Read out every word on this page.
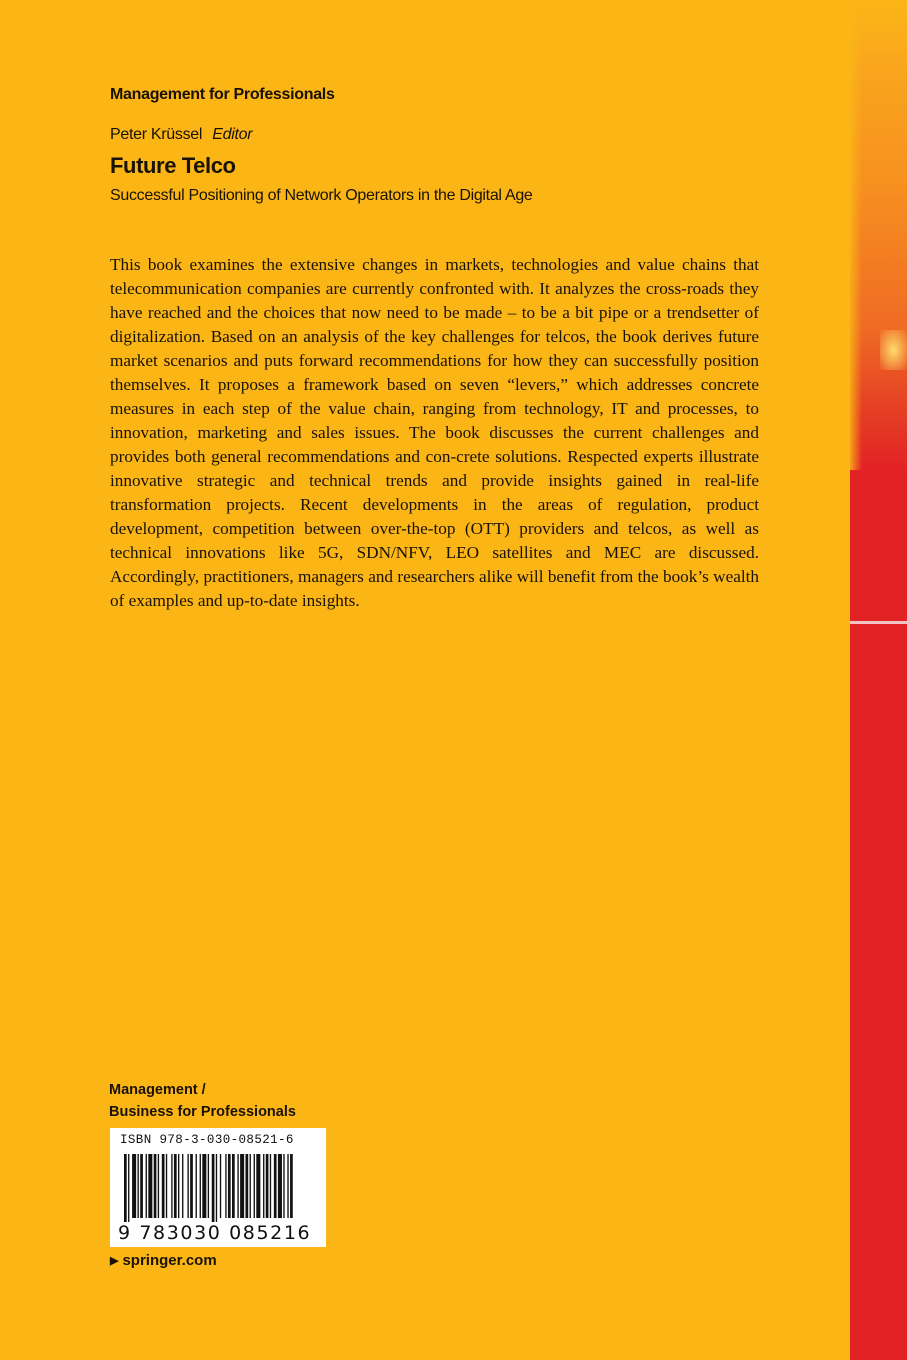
Management for Professionals
Peter Krüssel Editor
Future Telco
Successful Positioning of Network Operators in the Digital Age

This book examines the extensive changes in markets, technologies and value chains that telecommunication companies are currently confronted with. It analyzes the cross-roads they have reached and the choices that now need to be made – to be a bit pipe or a trendsetter of digitalization. Based on an analysis of the key challenges for telcos, the book derives future market scenarios and puts forward recommendations for how they can successfully position themselves. It proposes a framework based on seven “levers,” which addresses concrete measures in each step of the value chain, ranging from technology, IT and processes, to innovation, marketing and sales issues. The book discusses the current challenges and provides both general recommendations and con-crete solutions. Respected experts illustrate innovative strategic and technical trends and provide insights gained in real-life transformation projects. Recent developments in the areas of regulation, product development, competition between over-the-top (OTT) providers and telcos, as well as technical innovations like 5G, SDN/NFV, LEO satellites and MEC are discussed. Accordingly, practitioners, managers and researchers alike will benefit from the book’s wealth of examples and up-to-date insights.

Management /
Business for Professionals
ISBN 978-3-030-08521-6
9 783030 085216
▶ springer.com
